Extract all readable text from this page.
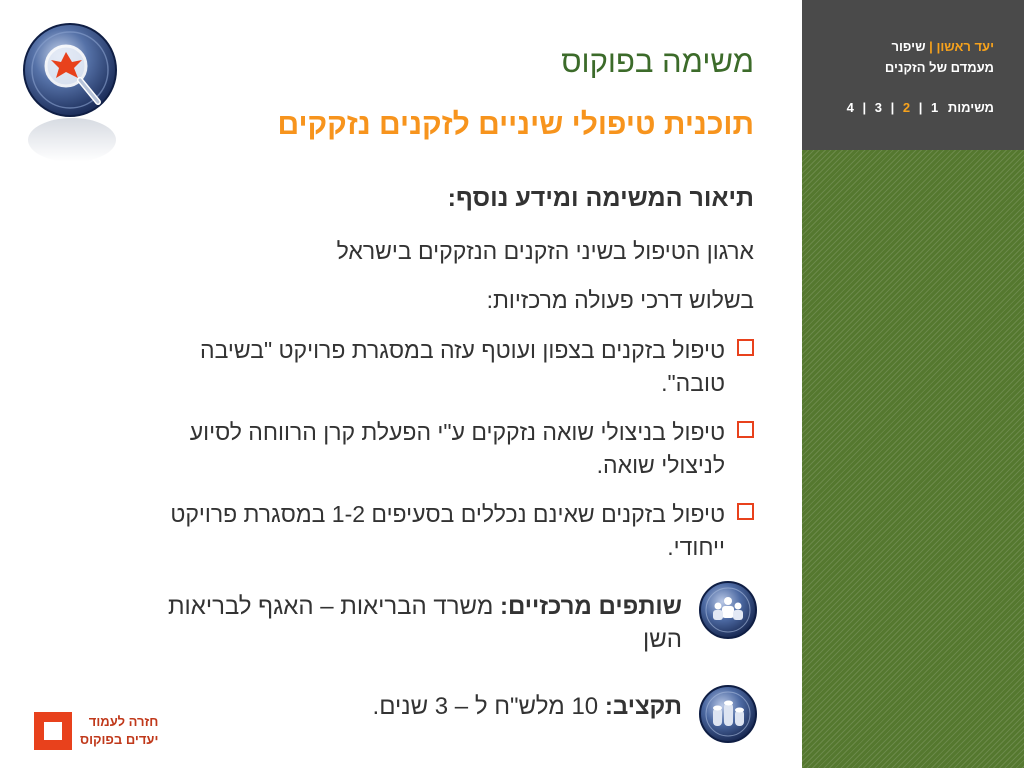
יעד ראשון | שיפור
מעמדם של הזקנים
משימות 1 | 2 | 3 | 4
משימה בפוקוס
תוכנית טיפולי שיניים לזקנים נזקקים
תיאור המשימה ומידע נוסף:
ארגון הטיפול בשיני הזקנים הנזקקים בישראל
בשלוש דרכי פעולה מרכזיות:
טיפול בזקנים בצפון ועוטף עזה במסגרת פרויקט "בשיבה טובה".
טיפול בניצולי שואה נזקקים ע"י הפעלת קרן הרווחה לסיוע לניצולי שואה.
טיפול בזקנים שאינם נכללים בסעיפים 1-2 במסגרת פרויקט ייחודי.
שותפים מרכזיים: משרד הבריאות – האגף לבריאות השן
תקציב: 10 מלש"ח ל – 3 שנים.
חזרה לעמוד
יעדים בפוקוס
